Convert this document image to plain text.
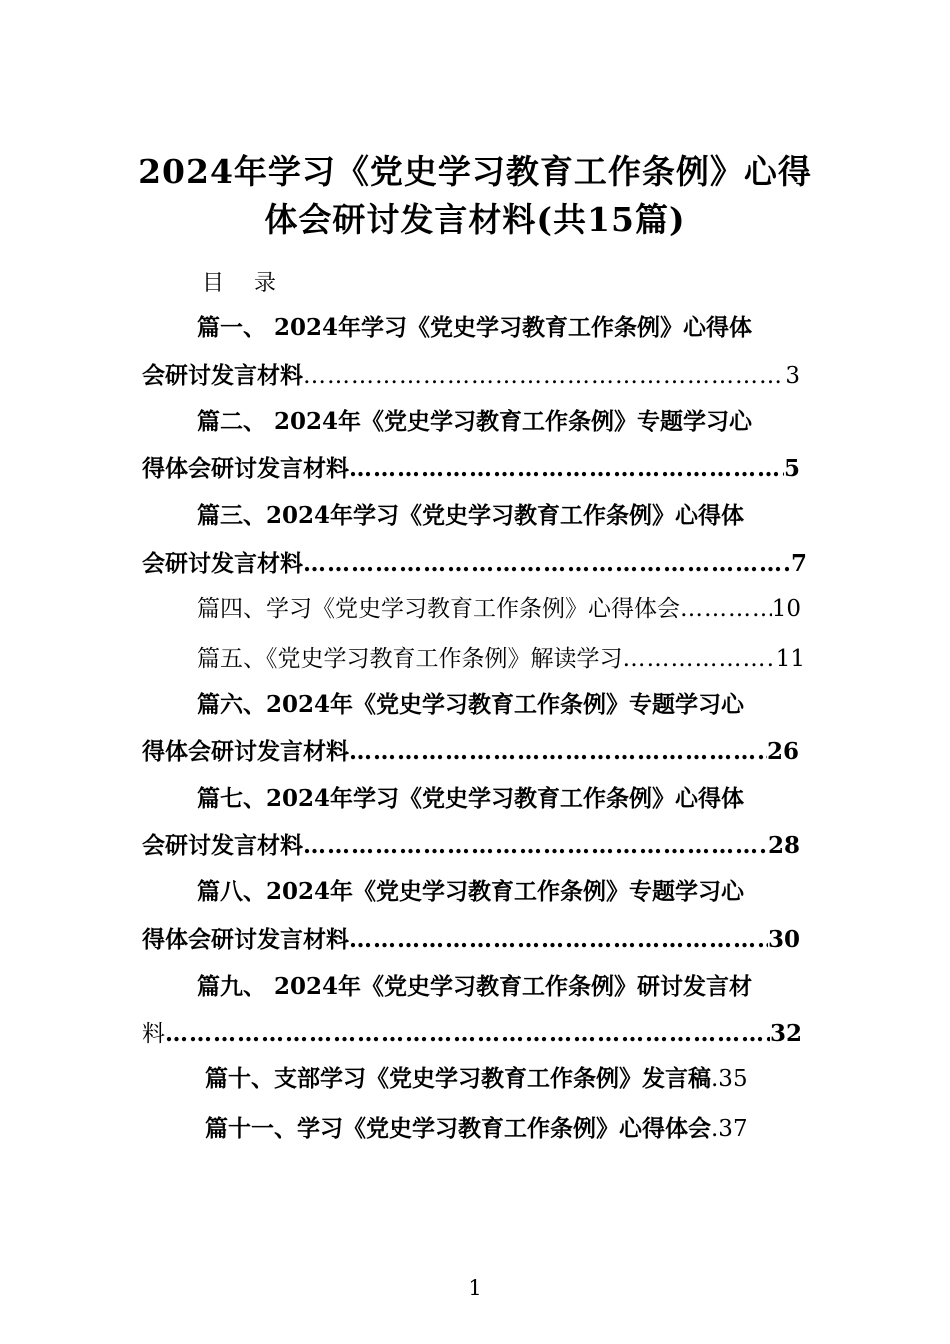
2024年学习《党史学习教育工作条例》心得
体会研讨发言材料(共15篇)
目录
篇一、 2024年学习《党史学习教育工作条例》心得体
会研讨发言材料 ………………………………………………………………………………………………………………………………………………	3
篇二、 2024年《党史学习教育工作条例》专题学习心
得体会研讨发言材料 ………………………………………………………………………………………………………………………………………………	5
篇三、2024年学习《党史学习教育工作条例》心得体
会研讨发言材料 ………………………………………………………………………………………………………………………………………………	7
篇四、学习《党史学习教育工作条例》心得体会 ………………………………………………………………………………………………………………………………………………	10
篇五、《党史学习教育工作条例》解读学习 ………………………………………………………………………………………………………………………………………………	11
篇六、2024年《党史学习教育工作条例》专题学习心
得体会研讨发言材料 ………………………………………………………………………………………………………………………………………………	26
篇七、2024年学习《党史学习教育工作条例》心得体
会研讨发言材料 ………………………………………………………………………………………………………………………………………………	28
篇八、2024年《党史学习教育工作条例》专题学习心
得体会研讨发言材料 ………………………………………………………………………………………………………………………………………………	30
篇九、 2024年《党史学习教育工作条例》研讨发言材
料 ………………………………………………………………………………………………………………………………………………	32
篇十、支部学习《党史学习教育工作条例》发言稿.35
篇十一、学习《党史学习教育工作条例》心得体会.37
1
